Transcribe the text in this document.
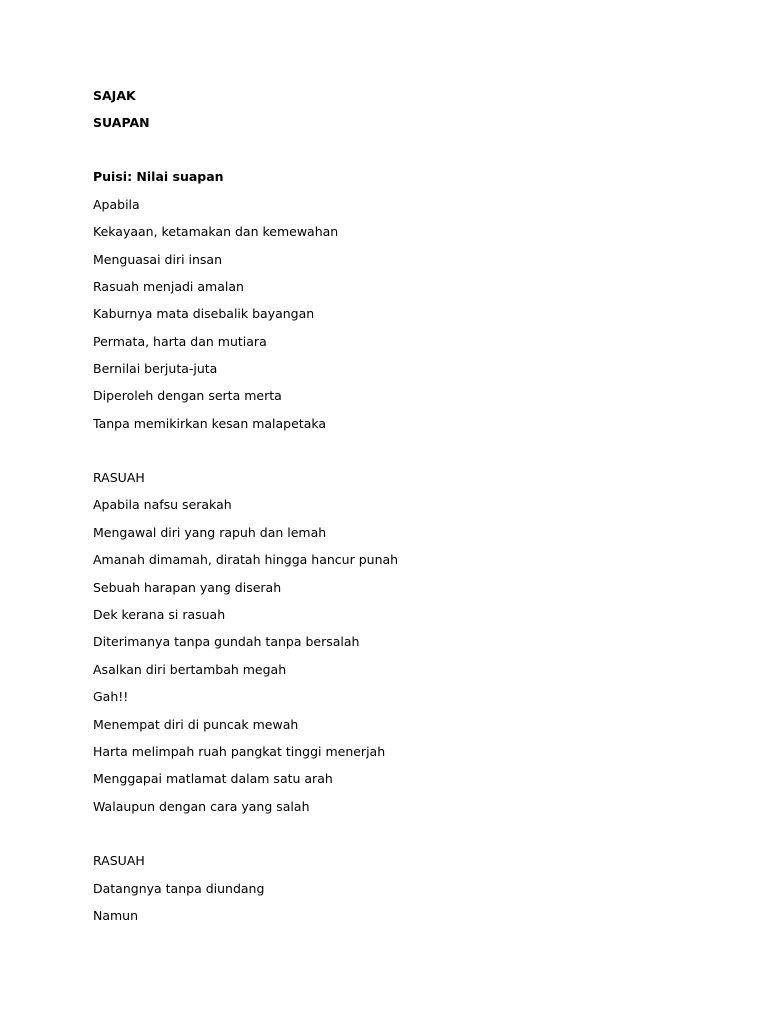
SAJAK

SUAPAN

Puisi: Nilai suapan

Apabila

Kekayaan, ketamakan dan kemewahan

Menguasai diri insan

Rasuah menjadi amalan

Kaburnya mata disebalik bayangan

Permata, harta dan mutiara

Bernilai berjuta-juta

Diperoleh dengan serta merta

Tanpa memikirkan kesan malapetaka

RASUAH

Apabila nafsu serakah

Mengawal diri yang rapuh dan lemah

Amanah dimamah, diratah hingga hancur punah

Sebuah harapan yang diserah

Dek kerana si rasuah

Diterimanya tanpa gundah tanpa bersalah

Asalkan diri bertambah megah

Gah!!

Menempat diri di puncak mewah

Harta melimpah ruah pangkat tinggi menerjah

Menggapai matlamat dalam satu arah

Walaupun dengan cara yang salah

RASUAH

Datangnya tanpa diundang

Namun
